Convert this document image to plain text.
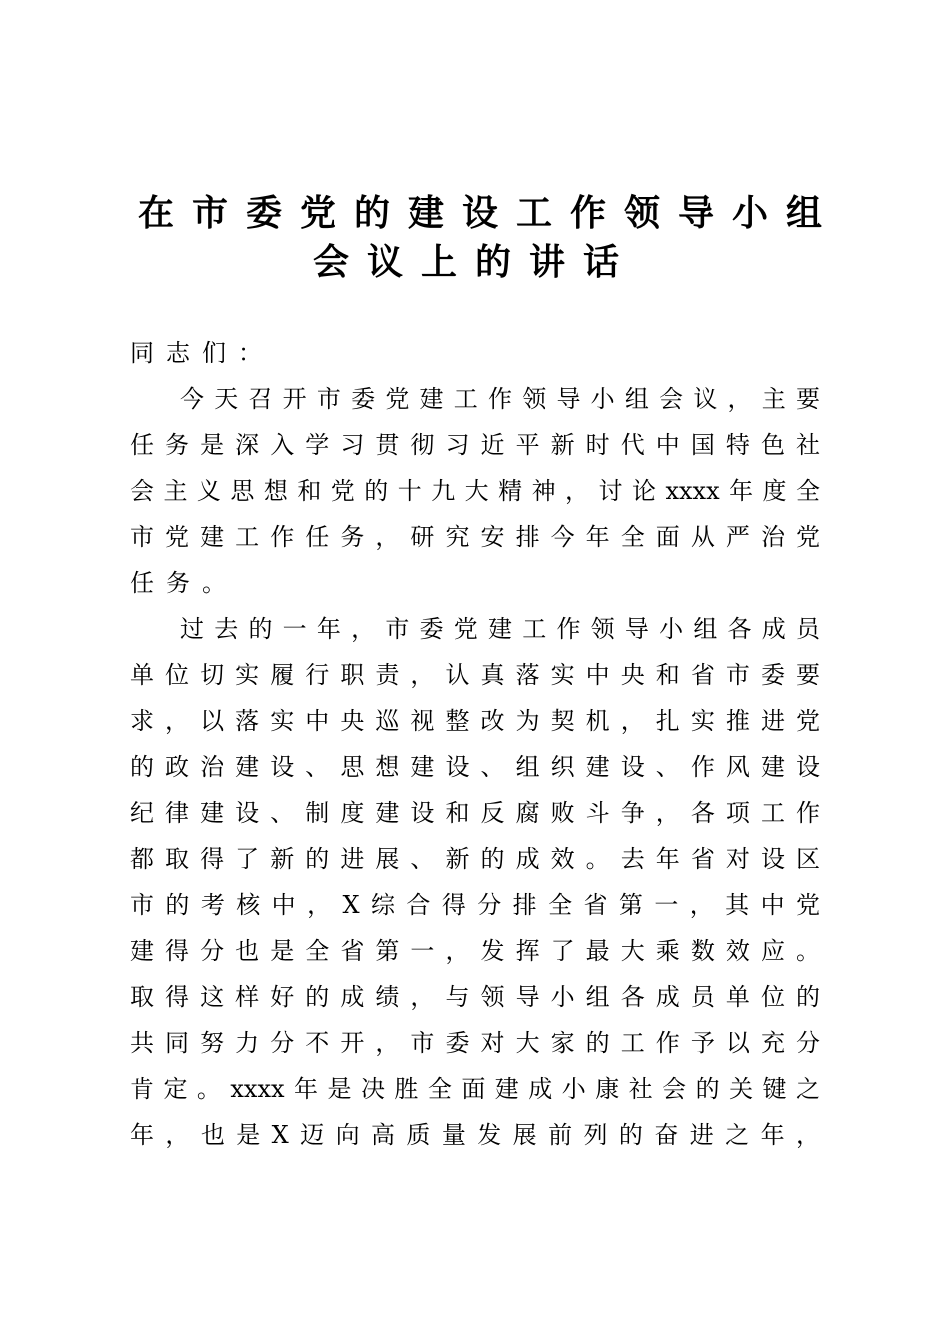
在市委党的建设工作领导小组
会议上的讲话
同志们：
今天召开市委党建工作领导小组会议，主要
任务是深入学习贯彻习近平新时代中国特色社
会主义思想和党的十九大精神，讨论xxxx年度全
市党建工作任务，研究安排今年全面从严治党
任务。
过去的一年，市委党建工作领导小组各成员
单位切实履行职责，认真落实中央和省市委要
求，以落实中央巡视整改为契机，扎实推进党
的政治建设、思想建设、组织建设、作风建设
纪律建设、制度建设和反腐败斗争，各项工作
都取得了新的进展、新的成效。去年省对设区
市的考核中，X综合得分排全省第一，其中党
建得分也是全省第一，发挥了最大乘数效应。
取得这样好的成绩，与领导小组各成员单位的
共同努力分不开，市委对大家的工作予以充分
肯定。xxxx年是决胜全面建成小康社会的关键之
年，也是X迈向高质量发展前列的奋进之年，
